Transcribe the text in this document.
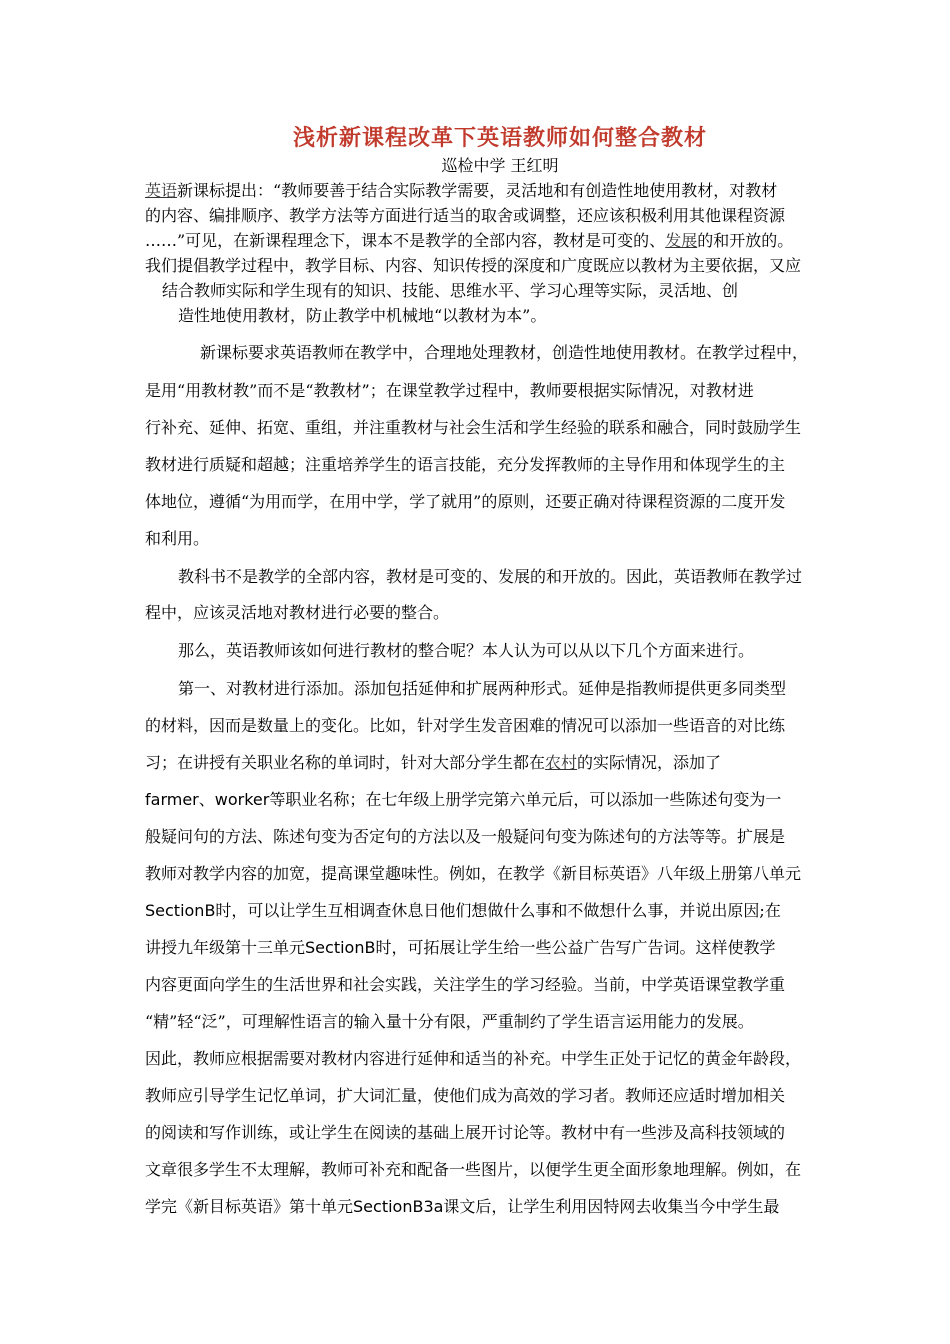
浅析新课程改革下英语教师如何整合教材
巡检中学 王红明
英语新课标提出：“教师要善于结合实际教学需要，灵活地和有创造性地使用教材，对教材
的内容、编排顺序、教学方法等方面进行适当的取舍或调整，还应该积极利用其他课程资源
……”可见，在新课程理念下，课本不是教学的全部内容，教材是可变的、发展的和开放的。
我们提倡教学过程中，教学目标、内容、知识传授的深度和广度既应以教材为主要依据，又应
结合教师实际和学生现有的知识、技能、思维水平、学习心理等实际，灵活地、创
造性地使用教材，防止教学中机械地“以教材为本”。
新课标要求英语教师在教学中，合理地处理教材，创造性地使用教材。在教学过程中，
是用“用教材教”而不是“教教材”；在课堂教学过程中，教师要根据实际情况，对教材进
行补充、延伸、拓宽、重组，并注重教材与社会生活和学生经验的联系和融合，同时鼓励学生
教材进行质疑和超越；注重培养学生的语言技能，充分发挥教师的主导作用和体现学生的主
体地位，遵循“为用而学，在用中学，学了就用”的原则，还要正确对待课程资源的二度开发
和利用。
教科书不是教学的全部内容，教材是可变的、发展的和开放的。因此，英语教师在教学过
程中，应该灵活地对教材进行必要的整合。
那么，英语教师该如何进行教材的整合呢？本人认为可以从以下几个方面来进行。
第一、对教材进行添加。添加包括延伸和扩展两种形式。延伸是指教师提供更多同类型
的材料，因而是数量上的变化。比如，针对学生发音困难的情况可以添加一些语音的对比练
习；在讲授有关职业名称的单词时，针对大部分学生都在农村的实际情况，添加了
farmer、worker等职业名称；在七年级上册学完第六单元后，可以添加一些陈述句变为一
般疑问句的方法、陈述句变为否定句的方法以及一般疑问句变为陈述句的方法等等。扩展是
教师对教学内容的加宽，提高课堂趣味性。例如，在教学《新目标英语》八年级上册第八单元
SectionB时，可以让学生互相调查休息日他们想做什么事和不做想什么事，并说出原因;在
讲授九年级第十三单元SectionB时，可拓展让学生给一些公益广告写广告词。这样使教学
内容更面向学生的生活世界和社会实践，关注学生的学习经验。当前，中学英语课堂教学重
“精”轻“泛”，可理解性语言的输入量十分有限，严重制约了学生语言运用能力的发展。
因此，教师应根据需要对教材内容进行延伸和适当的补充。中学生正处于记忆的黄金年龄段，
教师应引导学生记忆单词，扩大词汇量，使他们成为高效的学习者。教师还应适时增加相关
的阅读和写作训练，或让学生在阅读的基础上展开讨论等。教材中有一些涉及高科技领域的
文章很多学生不太理解，教师可补充和配备一些图片，以便学生更全面形象地理解。例如，在
学完《新目标英语》第十单元SectionB3a课文后，让学生利用因特网去收集当今中学生最
